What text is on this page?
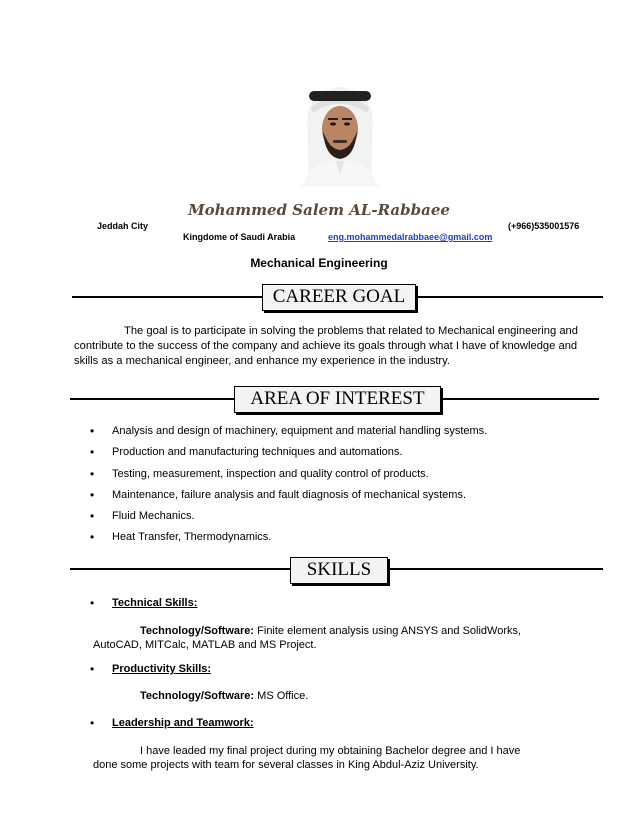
Mohammed Salem AL-Rabbaee
Jeddah City	(+966)535001576
Kingdome of Saudi Arabia	eng.mohammedalrabbaee@gmail.com
Mechanical Engineering
CAREER GOAL
The goal is to participate in solving the problems that related to Mechanical engineering and contribute to the success of the company and achieve its goals through what I have of knowledge and skills as a mechanical engineer, and enhance my experience in the industry.
AREA OF INTEREST
• Analysis and design of machinery, equipment and material handling systems.
• Production and manufacturing techniques and automations.
• Testing, measurement, inspection and quality control of products.
• Maintenance, failure analysis and fault diagnosis of mechanical systems.
• Fluid Mechanics.
• Heat Transfer, Thermodynamics.
SKILLS
• Technical Skills:
Technology/Software: Finite element analysis using ANSYS and SolidWorks,
AutoCAD, MITCalc, MATLAB and MS Project.
• Productivity Skills:
Technology/Software: MS Office.
• Leadership and Teamwork:
I have leaded my final project during my obtaining Bachelor degree and I have
done some projects with team for several classes in King Abdul-Aziz University.
